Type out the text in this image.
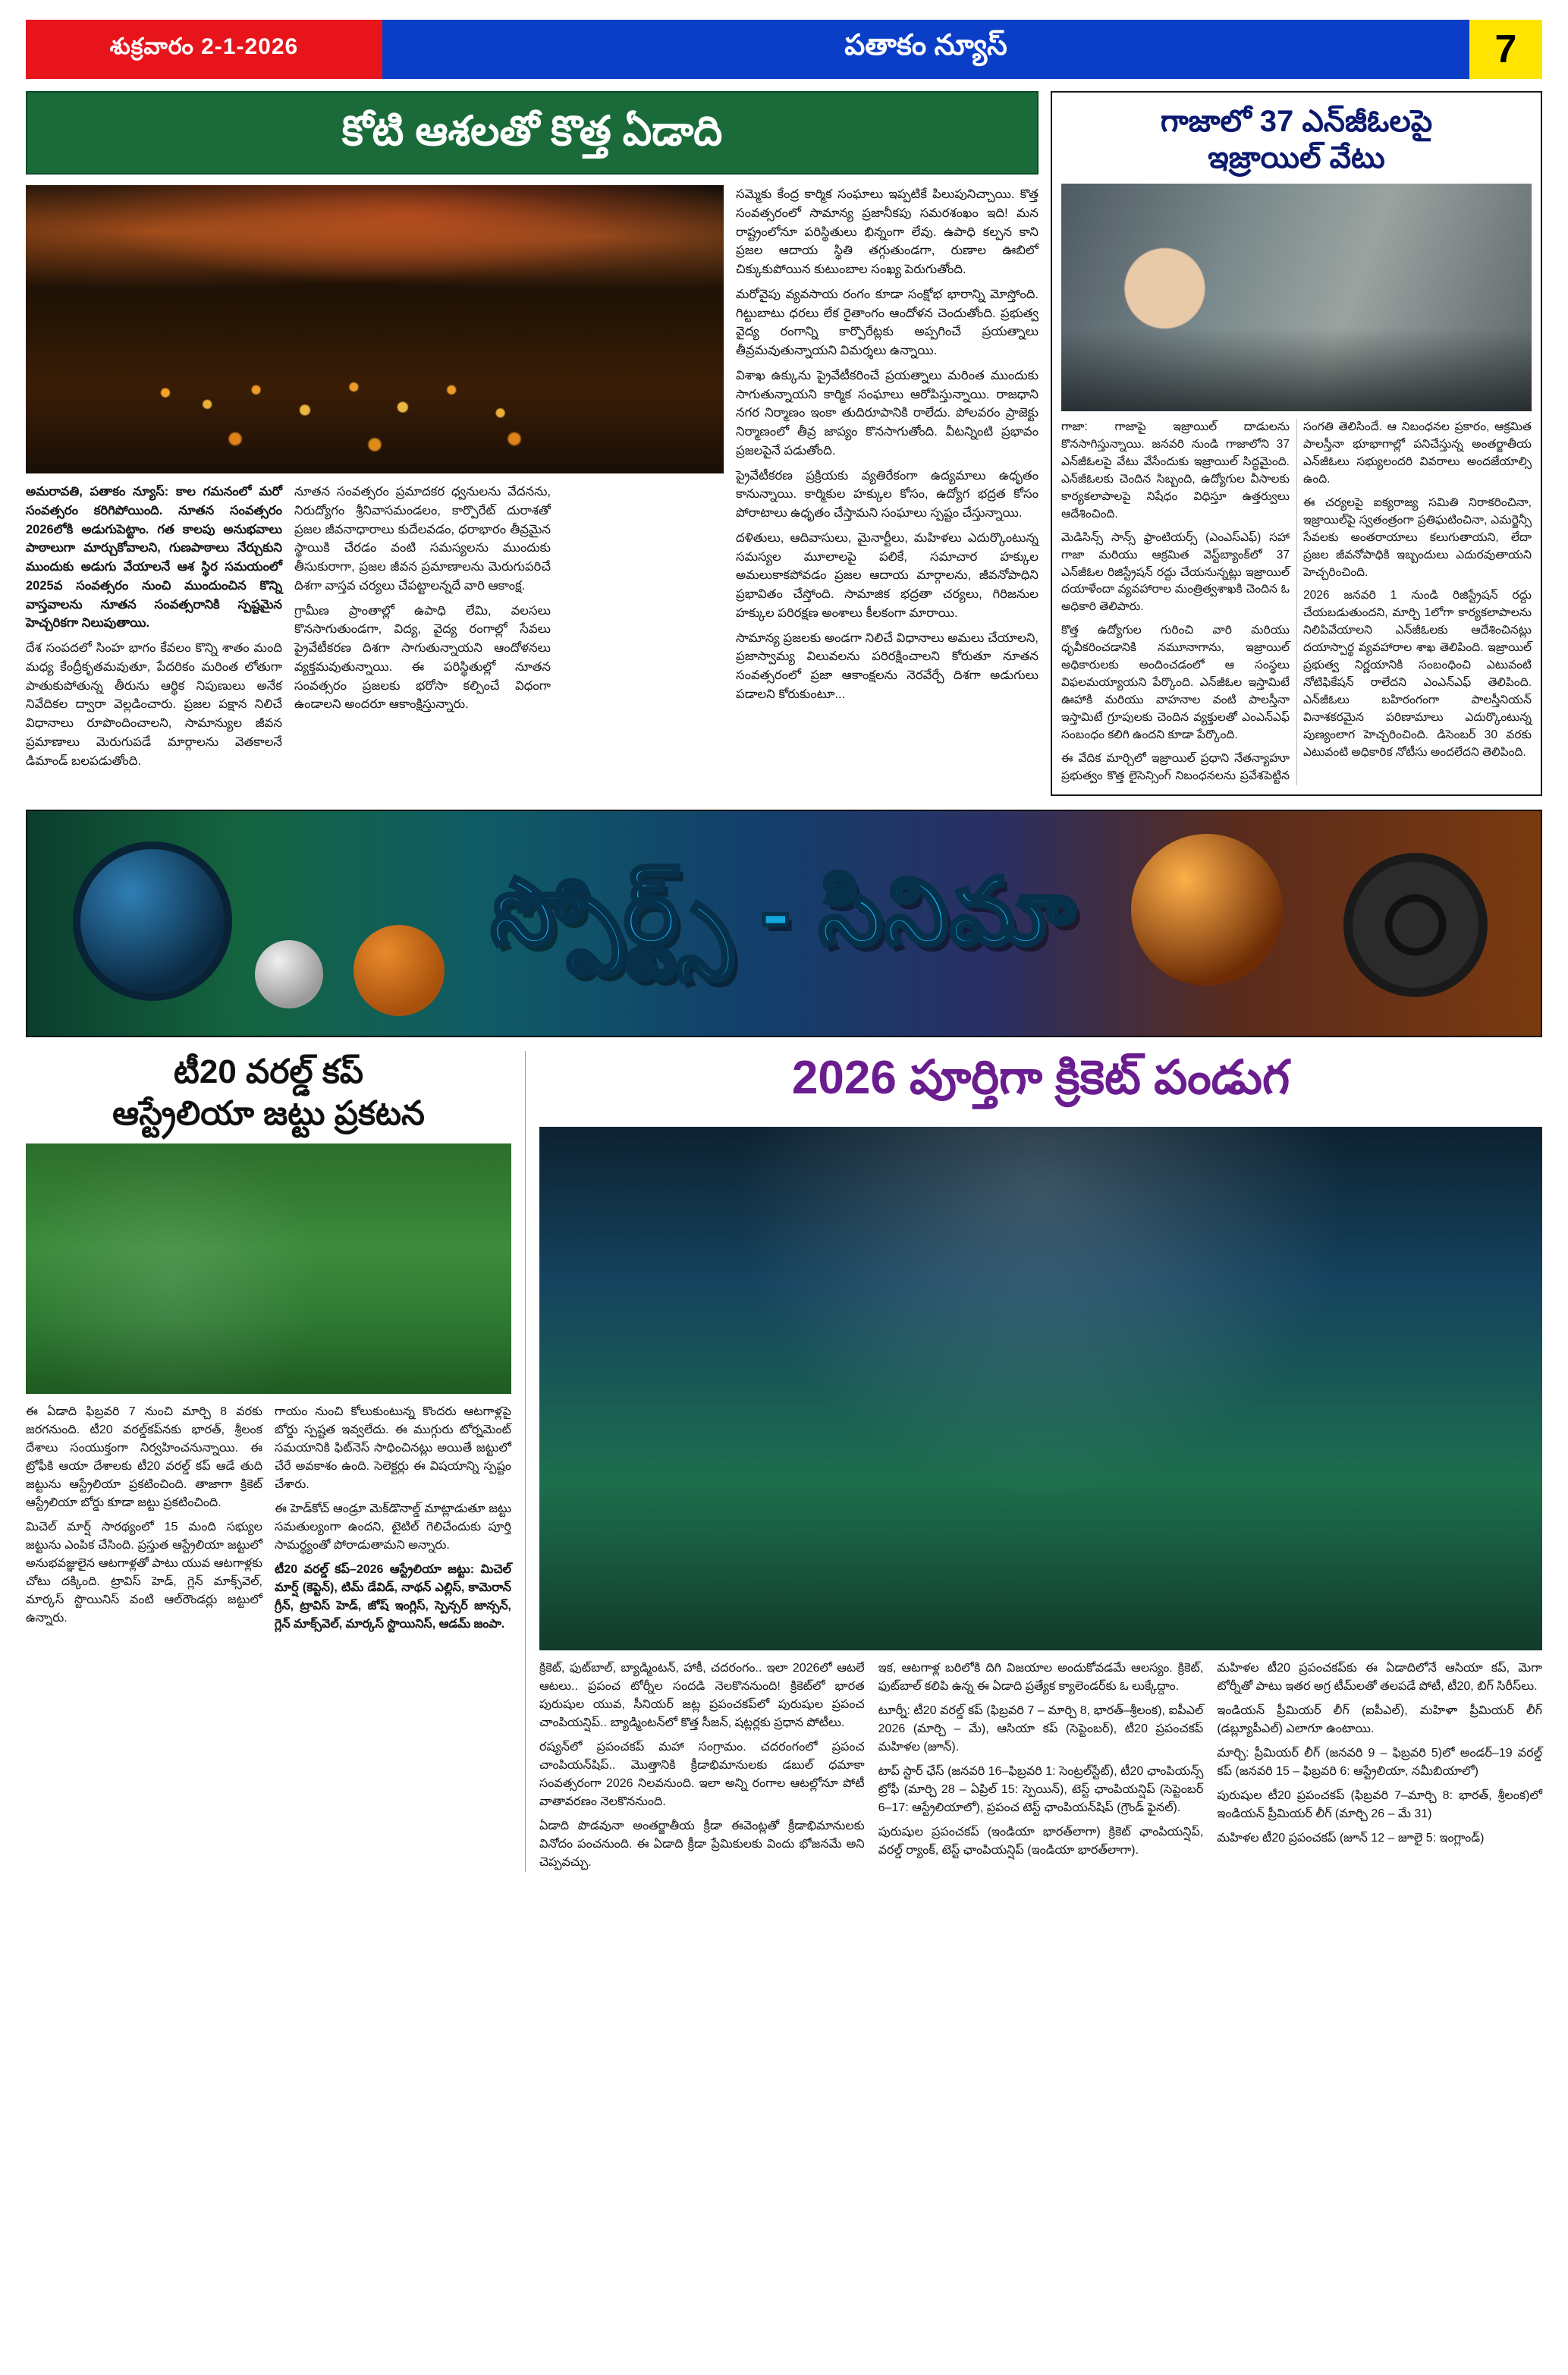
శుక్రవారం 2-1-2026	పతాకం న్యూస్	7
కోటి ఆశలతో కొత్త ఏడాది

అమరావతి, పతాకం న్యూస్: కాల గమనంలో మరో సంవత్సరం కరిగిపోయింది. నూతన సంవత్సరం 2026లోకి అడుగుపెట్టాం. గత కాలపు అనుభవాలు పాఠాలుగా మార్చుకోవాలని, గుణపాఠాలు నేర్చుకుని ముందుకు అడుగు వేయాలనే ఆశ స్థిర సమయంలో 2025వ సంవత్సరం నుంచి ముందుంచిన కొన్ని వాస్తవాలను నూతన సంవత్సరానికి స్పష్టమైన హెచ్చరికగా నిలుపుతాయి.

దేశ సంపదలో సింహ భాగం కేవలం కొన్ని శాతం మంది మధ్య కేంద్రీకృతమవుతూ, పేదరికం మరింత లోతుగా పాతుకుపోతున్న తీరును ఆర్థిక నిపుణులు అనేక నివేదికల ద్వారా వెల్లడించారు. ప్రజల పక్షాన నిలిచే విధానాలు రూపొందించాలని, సామాన్యుల జీవన ప్రమాణాలు మెరుగుపడే మార్గాలను వెతకాలనే డిమాండ్ బలపడుతోంది.

నూతన సంవత్సరం ప్రమాదకర ధ్వనులను వేదనను, నిరుద్యోగం శ్రీనివాసమండలం, కార్పొరేట్ దురాశతో ప్రజల జీవనాధారాలు కుదేలవడం, ధరాభారం తీవ్రమైన స్థాయికి చేరడం వంటి సమస్యలను ముందుకు తీసుకురాగా, ప్రజల జీవన ప్రమాణాలను మెరుగుపరిచే దిశగా వాస్తవ చర్యలు చేపట్టాలన్నదే వారి ఆకాంక్ష.

గ్రామీణ ప్రాంతాల్లో ఉపాధి లేమి, వలసలు కొనసాగుతుండగా, విద్య, వైద్య రంగాల్లో సేవలు ప్రైవేటీకరణ దిశగా సాగుతున్నాయని ఆందోళనలు వ్యక్తమవుతున్నాయి. ఈ పరిస్థితుల్లో నూతన సంవత్సరం ప్రజలకు భరోసా కల్పించే విధంగా ఉండాలని అందరూ ఆకాంక్షిస్తున్నారు.

సమ్మెకు కేంద్ర కార్మిక సంఘాలు ఇప్పటికే పిలుపునిచ్చాయి. కొత్త సంవత్సరంలో సామాన్య ప్రజానీకపు సమరశంఖం ఇది! మన రాష్ట్రంలోనూ పరిస్థితులు భిన్నంగా లేవు. ఉపాధి కల్పన కాని ప్రజల ఆదాయ స్థితి తగ్గుతుండగా, రుణాల ఊబిలో చిక్కుకుపోయిన కుటుంబాల సంఖ్య పెరుగుతోంది.

మరోవైపు వ్యవసాయ రంగం కూడా సంక్షోభ భారాన్ని మోస్తోంది. గిట్టుబాటు ధరలు లేక రైతాంగం ఆందోళన చెందుతోంది. ప్రభుత్వ వైద్య రంగాన్ని కార్పొరేట్లకు అప్పగించే ప్రయత్నాలు తీవ్రమవుతున్నాయని విమర్శలు ఉన్నాయి.

విశాఖ ఉక్కును ప్రైవేటీకరించే ప్రయత్నాలు మరింత ముందుకు సాగుతున్నాయని కార్మిక సంఘాలు ఆరోపిస్తున్నాయి. రాజధాని నగర నిర్మాణం ఇంకా తుదిరూపానికి రాలేదు. పోలవరం ప్రాజెక్టు నిర్మాణంలో తీవ్ర జాప్యం కొనసాగుతోంది. వీటన్నింటి ప్రభావం ప్రజలపైనే పడుతోంది.

ప్రైవేటీకరణ ప్రక్రియకు వ్యతిరేకంగా ఉద్యమాలు ఉధృతం కానున్నాయి. కార్మికుల హక్కుల కోసం, ఉద్యోగ భద్రత కోసం పోరాటాలు ఉధృతం చేస్తామని సంఘాలు స్పష్టం చేస్తున్నాయి.

దళితులు, ఆదివాసులు, మైనార్టీలు, మహిళలు ఎదుర్కొంటున్న సమస్యల మూలాలపై పలికే, సమాచార హక్కుల అమలుకాకపోవడం ప్రజల ఆదాయ మార్గాలను, జీవనోపాధిని ప్రభావితం చేస్తోంది. సామాజిక భద్రతా చర్యలు, గిరిజనుల హక్కుల పరిరక్షణ అంశాలు కీలకంగా మారాయి.

సామాన్య ప్రజలకు అండగా నిలిచే విధానాలు అమలు చేయాలని, ప్రజాస్వామ్య విలువలను పరిరక్షించాలని కోరుతూ నూతన సంవత్సరంలో ప్రజా ఆకాంక్షలను నెరవేర్చే దిశగా అడుగులు పడాలని కోరుకుంటూ...

గాజాలో 37 ఎన్‌జీఓలపై
ఇజ్రాయిల్ వేటు

గాజా: గాజాపై ఇజ్రాయిల్ దాడులను కొనసాగిస్తున్నాయి. జనవరి నుండి గాజాలోని 37 ఎన్‌జీఓలపై వేటు వేసేందుకు ఇజ్రాయిల్ సిద్ధమైంది. ఎన్‌జీఓలకు చెందిన సిబ్బంది, ఉద్యోగుల వీసాలకు కార్యకలాపాలపై నిషేధం విధిస్తూ ఉత్తర్వులు ఆదేశించింది.

మెడిసిన్స్ సాన్స్ ఫ్రాంటియర్స్ (ఎంఎస్ఎఫ్) సహా గాజా మరియు ఆక్రమిత వెస్ట్‌బ్యాంక్‌లో 37 ఎన్‌జీఓల రిజిస్ట్రేషన్ రద్దు చేయనున్నట్లు ఇజ్రాయిల్ దయాళేందా వ్యవహారాల మంత్రిత్వశాఖకి చెందిన ఓ అధికారి తెలిపారు.

కొత్త ఉద్యోగుల గురించి వారి మరియు ధృవీకరించడానికి నమూనాగాను, ఇజ్రాయిల్ అధికారులకు అందించడంలో ఆ సంస్థలు విఫలమయ్యాయని పేర్కొంది. ఎన్‌జీఓల ఇస్తామిటే ఊహాకి మరియు వాహనాల వంటి పాలస్తీనా ఇస్తామిటే గ్రూపులకు చెందిన వ్యక్తులతో ఎంఎన్ఎఫ్ సంబంధం కలిగి ఉందని కూడా పేర్కొంది.

ఈ వేదిక మార్చిలో ఇజ్రాయిల్ ప్రధాని నేతన్యాహూ ప్రభుత్వం కొత్త లైసెన్సింగ్ నిబంధనలను ప్రవేశపెట్టిన సంగతి తెలిసిందే. ఆ నిబంధనల ప్రకారం, ఆక్రమిత పాలస్తీనా భూభాగాల్లో పనిచేస్తున్న అంతర్జాతీయ ఎన్‌జీఓలు సభ్యులందరి వివరాలు అందజేయాల్సి ఉంది.

ఈ చర్యలపై ఐక్యరాజ్య సమితి నిరాకరించినా, ఇజ్రాయిల్‌పై స్వతంత్రంగా ప్రతిఘటించినా, ఎమర్జెన్సీ సేవలకు అంతరాయాలు కలుగుతాయని, లేదా ప్రజల జీవనోపాధికి ఇబ్బందులు ఎదురవుతాయని హెచ్చరించింది.

2026 జనవరి 1 నుండి రిజిస్ట్రేషన్ రద్దు చేయబడుతుందని, మార్చి 1లోగా కార్యకలాపాలను నిలిపివేయాలని ఎన్‌జీఓలకు ఆదేశించినట్లు దయాస్పార్థ వ్యవహారాల శాఖ తెలిపింది. ఇజ్రాయిల్ ప్రభుత్వ నిర్ణయానికి సంబంధించి ఎటువంటి నోటిఫికేషన్ రాలేదని ఎంఎన్ఎఫ్ తెలిపింది. ఎన్‌జీఓలు బహిరంగంగా పాలస్తీనియన్ వినాశకరమైన పరిణామాలు ఎదుర్కొంటున్న పుణ్యంలాగ హెచ్చరించింది. డిసెంబర్ 30 వరకు ఎటువంటి అధికారిక నోటీసు అందలేదని తెలిపింది.

స్పోర్ట్స్ - సినిమా
టీ20 వరల్డ్ కప్
ఆస్ట్రేలియా జట్టు ప్రకటన

ఈ ఏడాది ఫిబ్రవరి 7 నుంచి మార్చి 8 వరకు జరగనుంది. టీ20 వరల్డ్‌కప్‌నకు భారత్, శ్రీలంక దేశాలు సంయుక్తంగా నిర్వహించనున్నాయి. ఈ ట్రోఫీకి ఆయా దేశాలకు టీ20 వరల్డ్ కప్ ఆడే తుది జట్టును ఆస్ట్రేలియా ప్రకటించింది. తాజాగా క్రికెట్ ఆస్ట్రేలియా బోర్డు కూడా జట్టు ప్రకటించింది.

మిచెల్ మార్ష్ సారథ్యంలో 15 మంది సభ్యుల జట్టును ఎంపిక చేసింది. ప్రస్తుత ఆస్ట్రేలియా జట్టులో అనుభవజ్ఞులైన ఆటగాళ్లతో పాటు యువ ఆటగాళ్లకు చోటు దక్కింది. ట్రావిస్ హెడ్, గ్లెన్ మాక్స్‌వెల్, మార్కస్ స్టొయినిస్ వంటి ఆల్‌రౌండర్లు జట్టులో ఉన్నారు.

గాయం నుంచి కోలుకుంటున్న కొందరు ఆటగాళ్లపై బోర్డు స్పష్టత ఇవ్వలేదు. ఈ ముగ్గురు టోర్నమెంట్ సమయానికి ఫిట్‌నెస్ సాధించినట్లు అయితే జట్టులో చేరే అవకాశం ఉంది. సెలెక్టర్లు ఈ విషయాన్ని స్పష్టం చేశారు.

ఈ హెడ్‌కోచ్ ఆండ్రూ మెక్‌డొనాల్డ్ మాట్లాడుతూ జట్టు సమతుల్యంగా ఉందని, టైటిల్ గెలిచేందుకు పూర్తి సామర్థ్యంతో పోరాడుతామని అన్నారు.

టీ20 వరల్డ్ కప్–2026 ఆస్ట్రేలియా జట్టు: మిచెల్ మార్ష్ (కెప్టెన్), టిమ్ డేవిడ్, నాథన్ ఎల్లిస్, కామెరాన్ గ్రీన్, ట్రావిస్ హెడ్, జోష్ ఇంగ్లిస్, స్పెన్సర్ జాన్సన్, గ్లెన్ మాక్స్‌వెల్, మార్కస్ స్టొయినిస్, ఆడమ్ జంపా.

2026 పూర్తిగా క్రికెట్ పండుగ

క్రికెట్, ఫుట్‌బాల్, బ్యాడ్మింటన్, హాకీ, చదరంగం.. ఇలా 2026లో ఆటలే ఆటలు.. ప్రపంచ టోర్నీల సందడి నెలకొననుంది! క్రికెట్‌లో భారత పురుషుల యువ, సీనియర్ జట్ల ప్రపంచకప్‌లో పురుషుల ప్రపంచ చాంపియన్షిప్.. బ్యాడ్మింటన్‌లో కొత్త సీజన్, షట్లర్లకు ప్రధాన పోటీలు.

రష్యన్‌లో ప్రపంచకప్ మహా సంగ్రామం. చదరంగంలో ప్రపంచ చాంపియన్‌షిప్.. మొత్తానికి క్రీడాభిమానులకు డబుల్ ధమాకా సంవత్సరంగా 2026 నిలవనుంది. ఇలా అన్ని రంగాల ఆటల్లోనూ పోటీ వాతావరణం నెలకొననుంది.

ఏడాది పొడవునా అంతర్జాతీయ క్రీడా ఈవెంట్లతో క్రీడాభిమానులకు వినోదం పంచనుంది. ఈ ఏడాది క్రీడా ప్రేమికులకు విందు భోజనమే అని చెప్పవచ్చు.

ఇక, ఆటగాళ్ల బరిలోకి దిగి విజయాల అందుకోవడమే ఆలస్యం. క్రికెట్‌, ఫుట్‌బాల్‌ కలిపి ఉన్న ఈ ఏడాది ప్రత్యేక క్యాలెండర్‌కు ఓ లుక్కేద్దాం.

టూర్నీ: టీ20 వరల్డ్ కప్ (ఫిబ్రవరి 7 – మార్చి 8, భారత్‌–శ్రీలంక), ఐపీఎల్ 2026 (మార్చి – మే), ఆసియా కప్‌ (సెప్టెంబర్), టీ20 ప్రపంచకప్ మహిళల (జూన్).

టాప్ స్టార్ ఛేస్ (జనవరి 16–ఫిబ్రవరి 1: సెంట్రల్‌స్టేట్), టీ20 ఛాంపియన్స్ ట్రోఫీ (మార్చి 28 – ఏప్రిల్ 15: స్పెయిన్‌), టెస్ట్ ఛాంపియన్షిప్ (సెప్టెంబర్ 6–17: ఆస్ట్రేలియాలో), ప్రపంచ టెస్ట్ ఛాంపియన్‌షిప్ (గ్రౌండ్‌ ఫైనల్).

పురుషుల ప్రపంచకప్ (ఇండియా భారత్‌లాగా) క్రికెట్ ఛాంపియన్షిప్, వరల్డ్ ర్యాంక్, టెస్ట్ ఛాంపియన్షిప్ (ఇండియా భారత్‌లాగా).

మహిళల టీ20 ప్రపంచకప్‌కు ఈ ఏడాదిలోనే ఆసియా కప్, మెగా టోర్నీతో పాటు ఇతర అగ్ర టీమ్‌లతో తలపడే పోటీ, టీ20, బిగ్ సిరీస్‌లు.

ఇండియన్ ప్రీమియర్ లీగ్ (ఐపీఎల్), మహిళా ప్రీమియర్ లీగ్ (డబ్ల్యూపీఎల్) ఎలాగూ ఉంటాయి.

మార్చి: ప్రీమియర్ లీగ్ (జనవరి 9 – ఫిబ్రవరి 5)లో అండర్–19 వరల్డ్ కప్ (జనవరి 15 – ఫిబ్రవరి 6: ఆస్ట్రేలియా, నమీబియాలో)

పురుషుల టీ20 ప్రపంచకప్ (ఫిబ్రవరి 7–మార్చి 8: భారత్, శ్రీలంక)లో ఇండియన్ ప్రీమియర్ లీగ్ (మార్చి 26 – మే 31)

మహిళల టీ20 ప్రపంచకప్ (జూన్ 12 – జూలై 5: ఇంగ్లాండ్)
